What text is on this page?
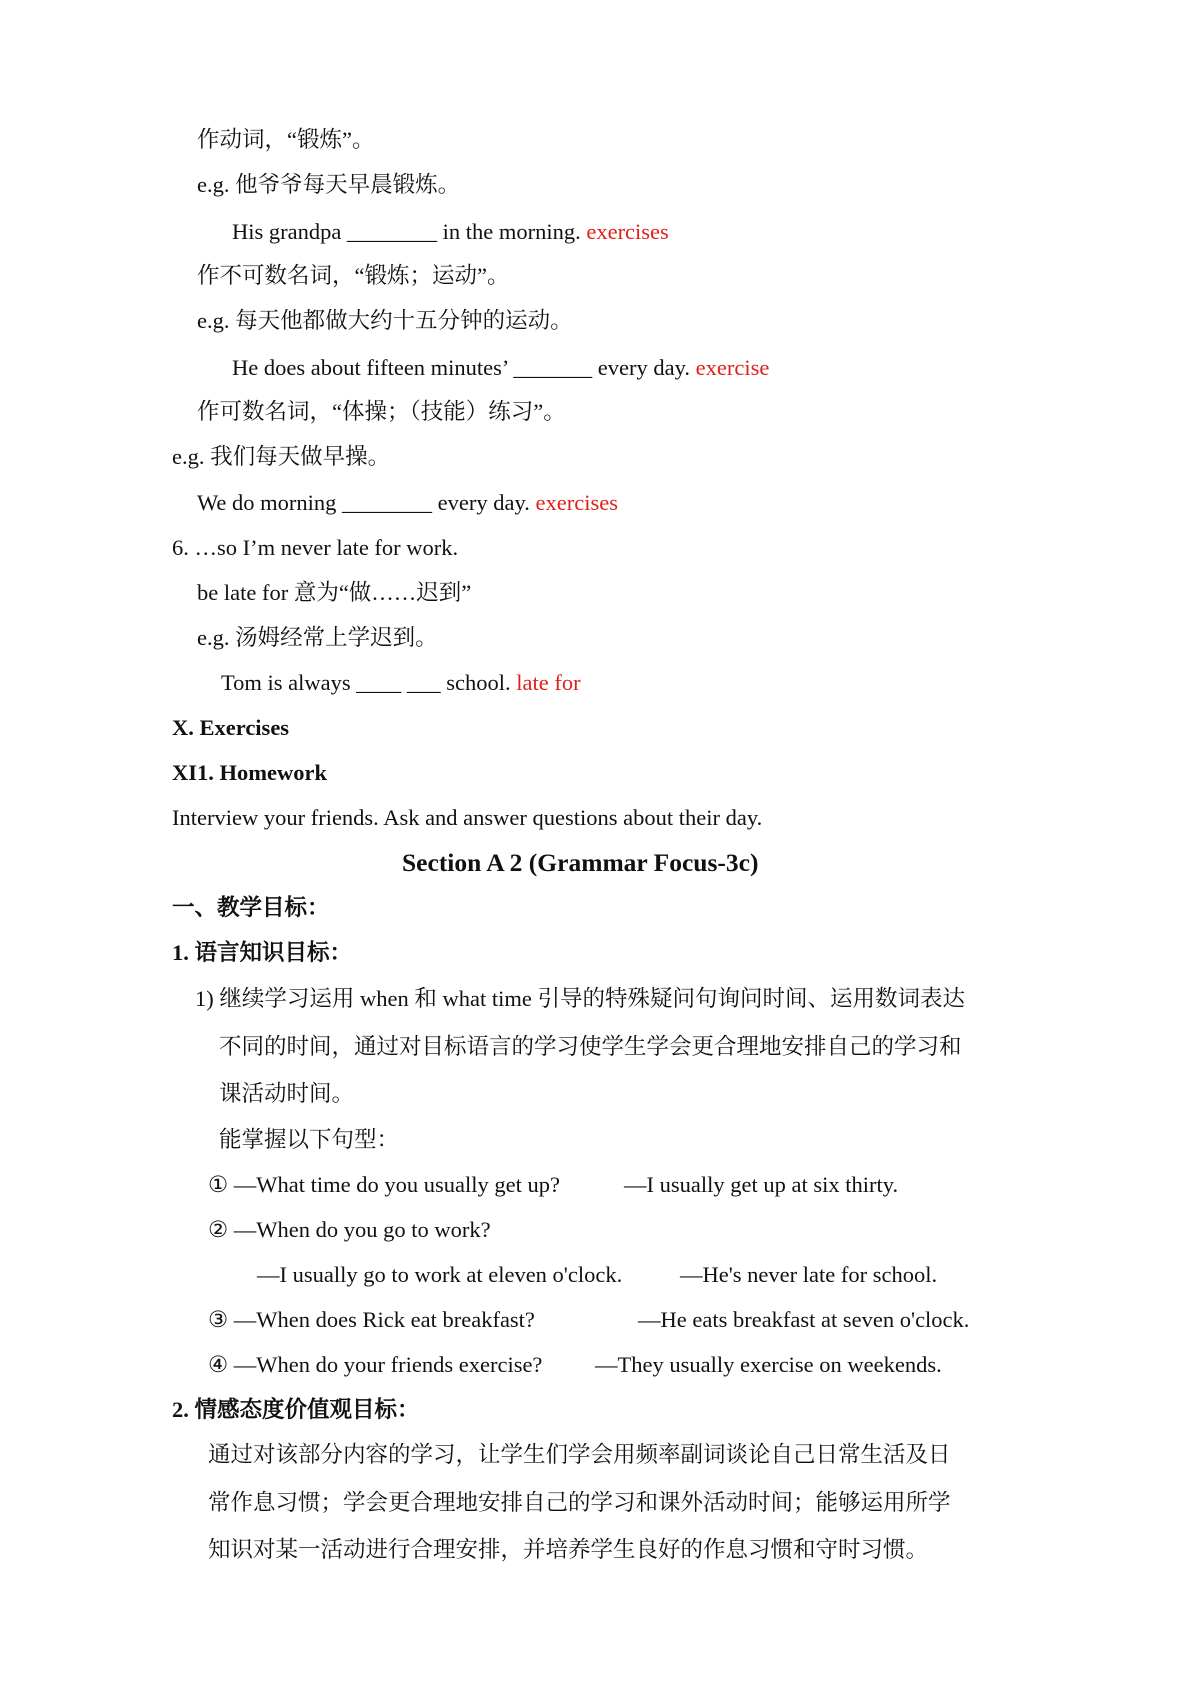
作动词，“锻炼”。
e.g. 他爷爷每天早晨锻炼。
His grandpa ________ in the morning. exercises
作不可数名词，“锻炼；运动”。
e.g. 每天他都做大约十五分钟的运动。
He does about fifteen minutes’ _______ every day. exercise
作可数名词，“体操；（技能）练习”。
e.g. 我们每天做早操。
We do morning ________ every day. exercises
6. …so I’m never late for work.
be late for 意为“做……迟到”
e.g. 汤姆经常上学迟到。
Tom is always ____ ___ school. late for
X. Exercises
XI1. Homework
Interview your friends. Ask and answer questions about their day.
Section A 2 (Grammar Focus-3c)
一、教学目标：
1. 语言知识目标：
1) 继续学习运用 when 和 what time 引导的特殊疑问句询问时间、运用数词表达
不同的时间，通过对目标语言的学习使学生学会更合理地安排自己的学习和
课活动时间。
能掌握以下句型：
① —What time do you usually get up?	—I usually get up at six thirty.
② —When do you go to work?
—I usually go to work at eleven o'clock.	—He's never late for school.
③ —When does Rick eat breakfast?	—He eats breakfast at seven o'clock.
④ —When do your friends exercise? —They usually exercise on weekends.
2. 情感态度价值观目标：
通过对该部分内容的学习，让学生们学会用频率副词谈论自己日常生活及日
常作息习惯；学会更合理地安排自己的学习和课外活动时间；能够运用所学
知识对某一活动进行合理安排，并培养学生良好的作息习惯和守时习惯。
